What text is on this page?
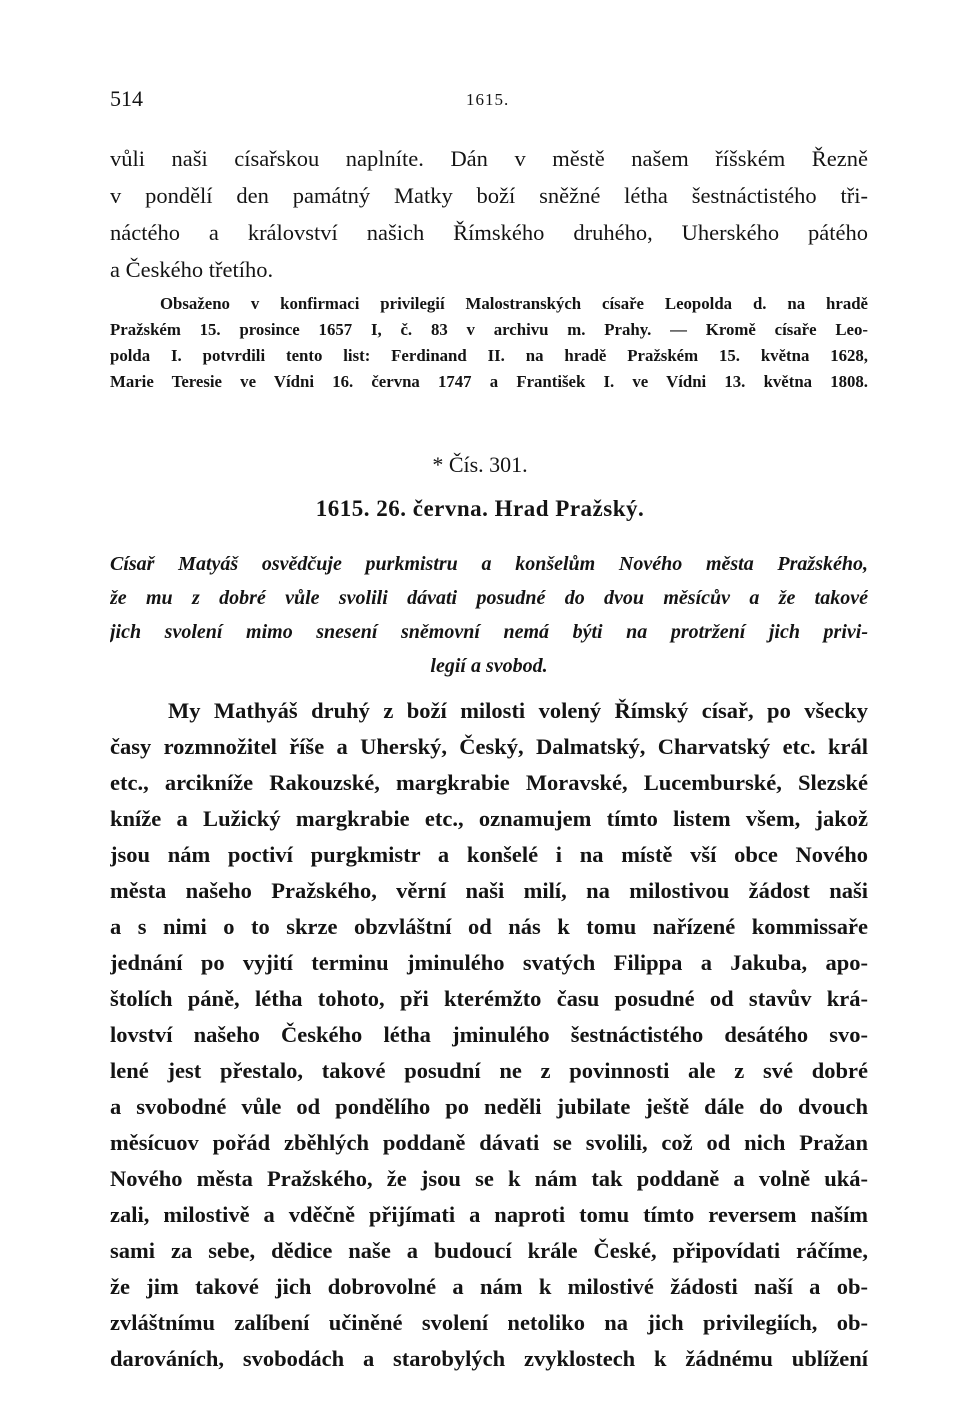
514	1615.
vůli naši císařskou naplníte. Dán v městě našem říšském Řezně
v pondělí den památný Matky boží sněžné létha šestnáctistého tři-
náctého a království našich Římského druhého, Uherského pátého
a Českého třetího.
Obsaženo v konfirmaci privilegií Malostranských císaře Leopolda d. na hradě
Pražském 15. prosince 1657 I, č. 83 v archivu m. Prahy. — Kromě císaře Leo-
polda I. potvrdili tento list: Ferdinand II. na hradě Pražském 15. května 1628,
Marie Teresie ve Vídni 16. června 1747 a František I. ve Vídni 13. května 1808.
* Čís. 301.
1615. 26. června. Hrad Pražský.
Císař Matyáš osvědčuje purkmistru a konšelům Nového města Pražského,
že mu z dobré vůle svolili dávati posudné do dvou měsícův a že takové
jich svolení mimo snesení sněmovní nemá býti na protržení jich privi-
legií a svobod.
My Mathyáš druhý z boží milosti volený Římský císař, po všecky
časy rozmnožitel říše a Uherský, Český, Dalmatský, Charvatský etc. král
etc., arcikníže Rakouzské, margkrabie Moravské, Lucemburské, Slezské
kníže a Lužický margkrabie etc., oznamujem tímto listem všem, jakož
jsou nám poctiví purgkmistr a konšelé i na místě vší obce Nového
města našeho Pražského, věrní naši milí, na milostivou žádost naši
a s nimi o to skrze obzvláštní od nás k tomu nařízené kommissaře
jednání po vyjití terminu jminulého svatých Filippa a Jakuba, apo-
štolích páně, létha tohoto, při kterémžto času posudné od stavův krá-
lovství našeho Českého létha jminulého šestnáctistého desátého svo-
lené jest přestalo, takové posudní ne z povinnosti ale z své dobré
a svobodné vůle od pondělího po neděli jubilate ještě dále do dvouch
měsícuov pořád zběhlých poddaně dávati se svolili, což od nich Pražan
Nového města Pražského, že jsou se k nám tak poddaně a volně uká-
zali, milostivě a vděčně přijímati a naproti tomu tímto reversem naším
sami za sebe, dědice naše a budoucí krále České, připovídati ráčíme,
že jim takové jich dobrovolné a nám k milostivé žádosti naší a ob-
zvláštnímu zalíbení učiněné svolení netoliko na jich privilegiích, ob-
darováních, svobodách a starobylých zvyklostech k žádnému ublížení
